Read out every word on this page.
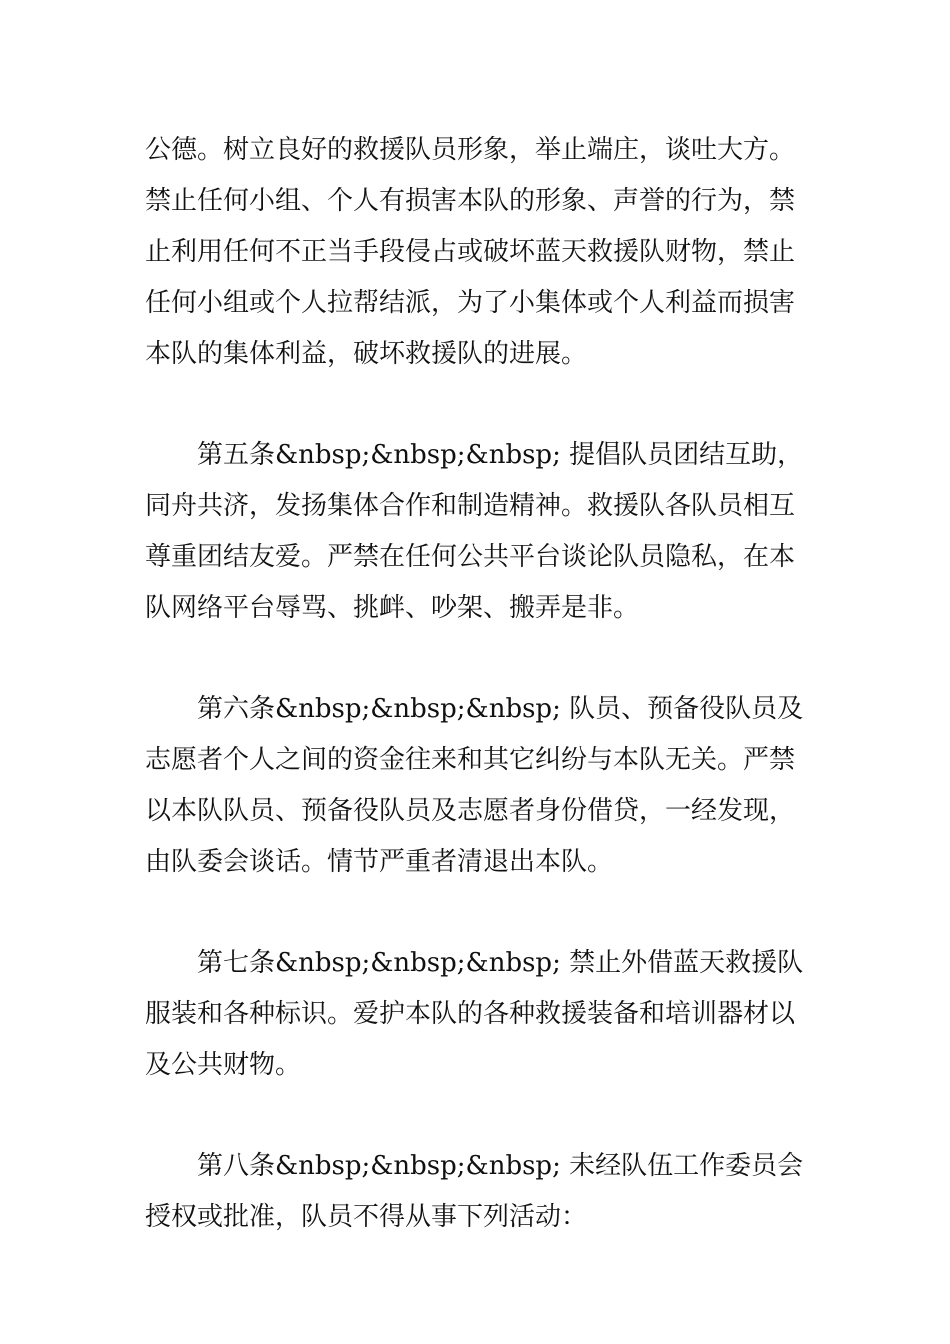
公德。树立良好的救援队员形象，举止端庄，谈吐大方。禁止任何小组、个人有损害本队的形象、声誉的行为，禁止利用任何不正当手段侵占或破坏蓝天救援队财物，禁止任何小组或个人拉帮结派，为了小集体或个人利益而损害本队的集体利益，破坏救援队的进展。

第五条&nbsp;&nbsp;&nbsp; 提倡队员团结互助，同舟共济，发扬集体合作和制造精神。救援队各队员相互尊重团结友爱。严禁在任何公共平台谈论队员隐私，在本队网络平台辱骂、挑衅、吵架、搬弄是非。

第六条&nbsp;&nbsp;&nbsp; 队员、预备役队员及志愿者个人之间的资金往来和其它纠纷与本队无关。严禁以本队队员、预备役队员及志愿者身份借贷，一经发现，由队委会谈话。情节严重者清退出本队。

第七条&nbsp;&nbsp;&nbsp; 禁止外借蓝天救援队服装和各种标识。爱护本队的各种救援装备和培训器材以及公共财物。

第八条&nbsp;&nbsp;&nbsp; 未经队伍工作委员会授权或批准，队员不得从事下列活动：
